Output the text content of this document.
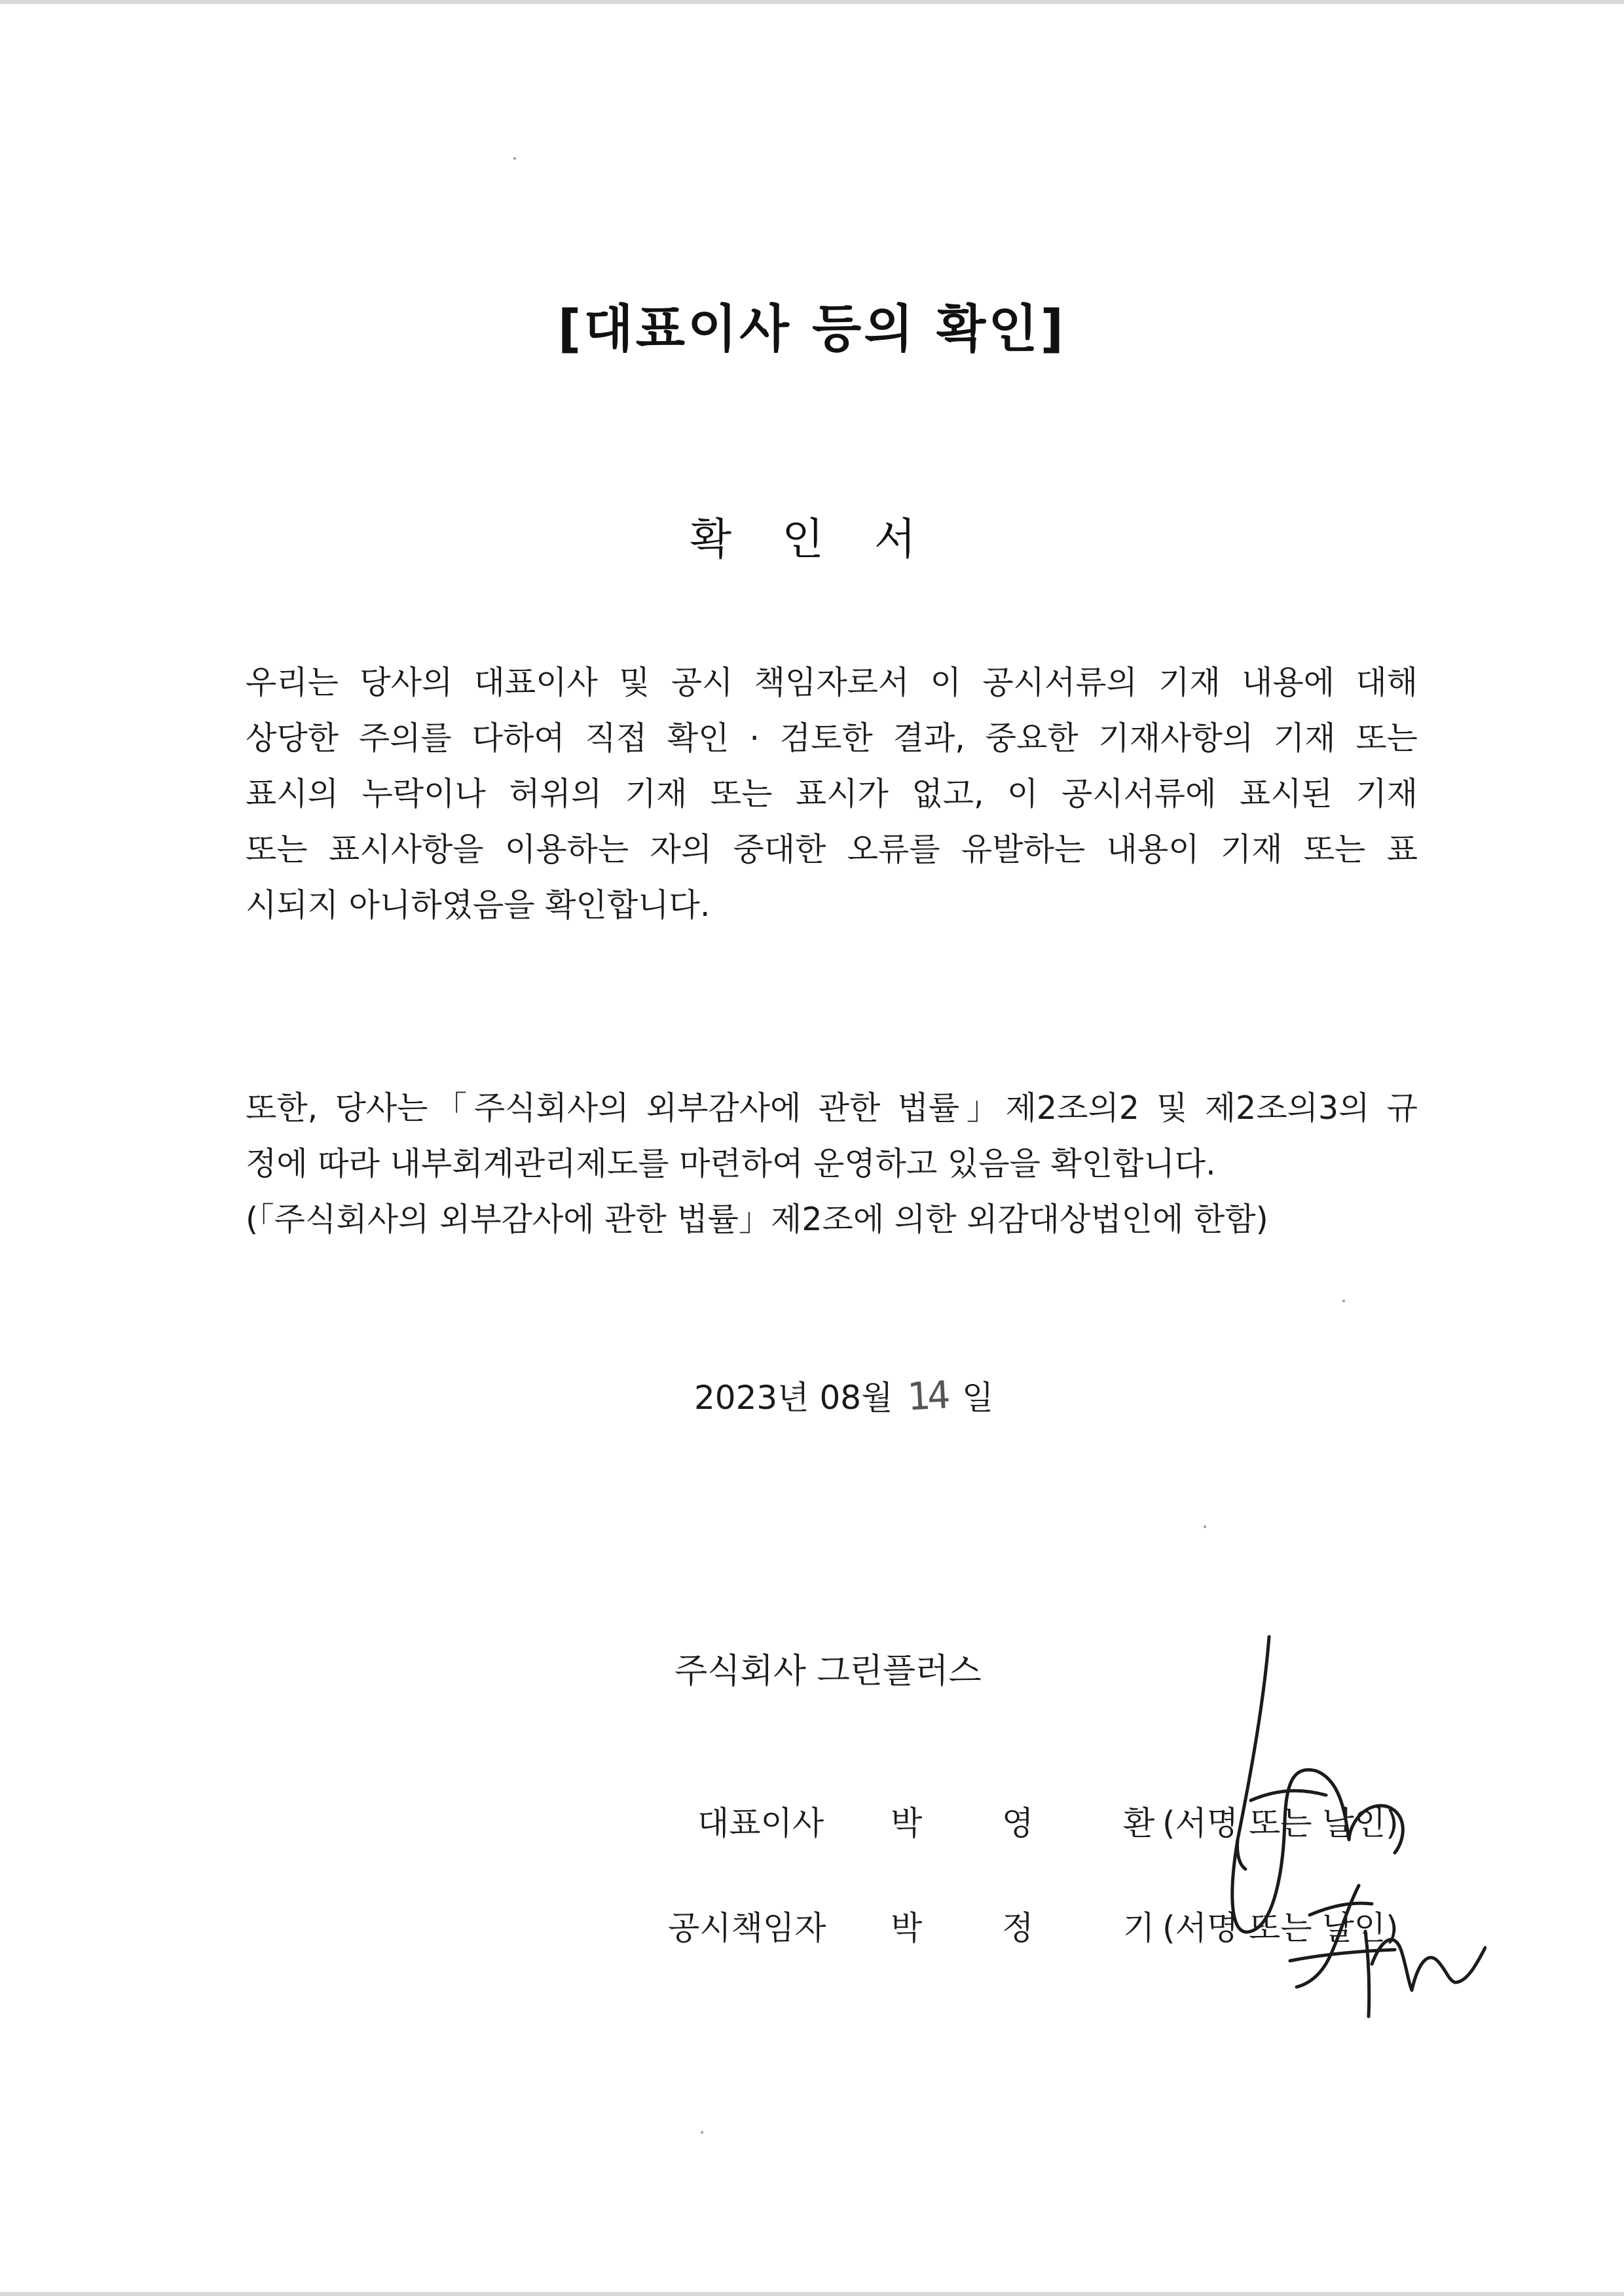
[대표이사 등의 확인]
확 인 서
우리는 당사의 대표이사 및 공시 책임자로서 이 공시서류의 기재 내용에 대해
상당한 주의를 다하여 직접 확인 · 검토한 결과, 중요한 기재사항의 기재 또는
표시의 누락이나 허위의 기재 또는 표시가 없고, 이 공시서류에 표시된 기재
또는 표시사항을 이용하는 자의 중대한 오류를 유발하는 내용이 기재 또는 표
시되지 아니하였음을 확인합니다.
또한, 당사는「주식회사의 외부감사에 관한 법률」제2조의2 및 제2조의3의 규
정에 따라 내부회계관리제도를 마련하여 운영하고 있음을 확인합니다.
(「주식회사의 외부감사에 관한 법률」제2조에 의한 외감대상법인에 한함)
2023년 08월 14 일
주식회사 그린플러스
대표이사 박 영	환 (서명 또는 날인)
공시책임자 박 정	기 (서명 또는 날인)
